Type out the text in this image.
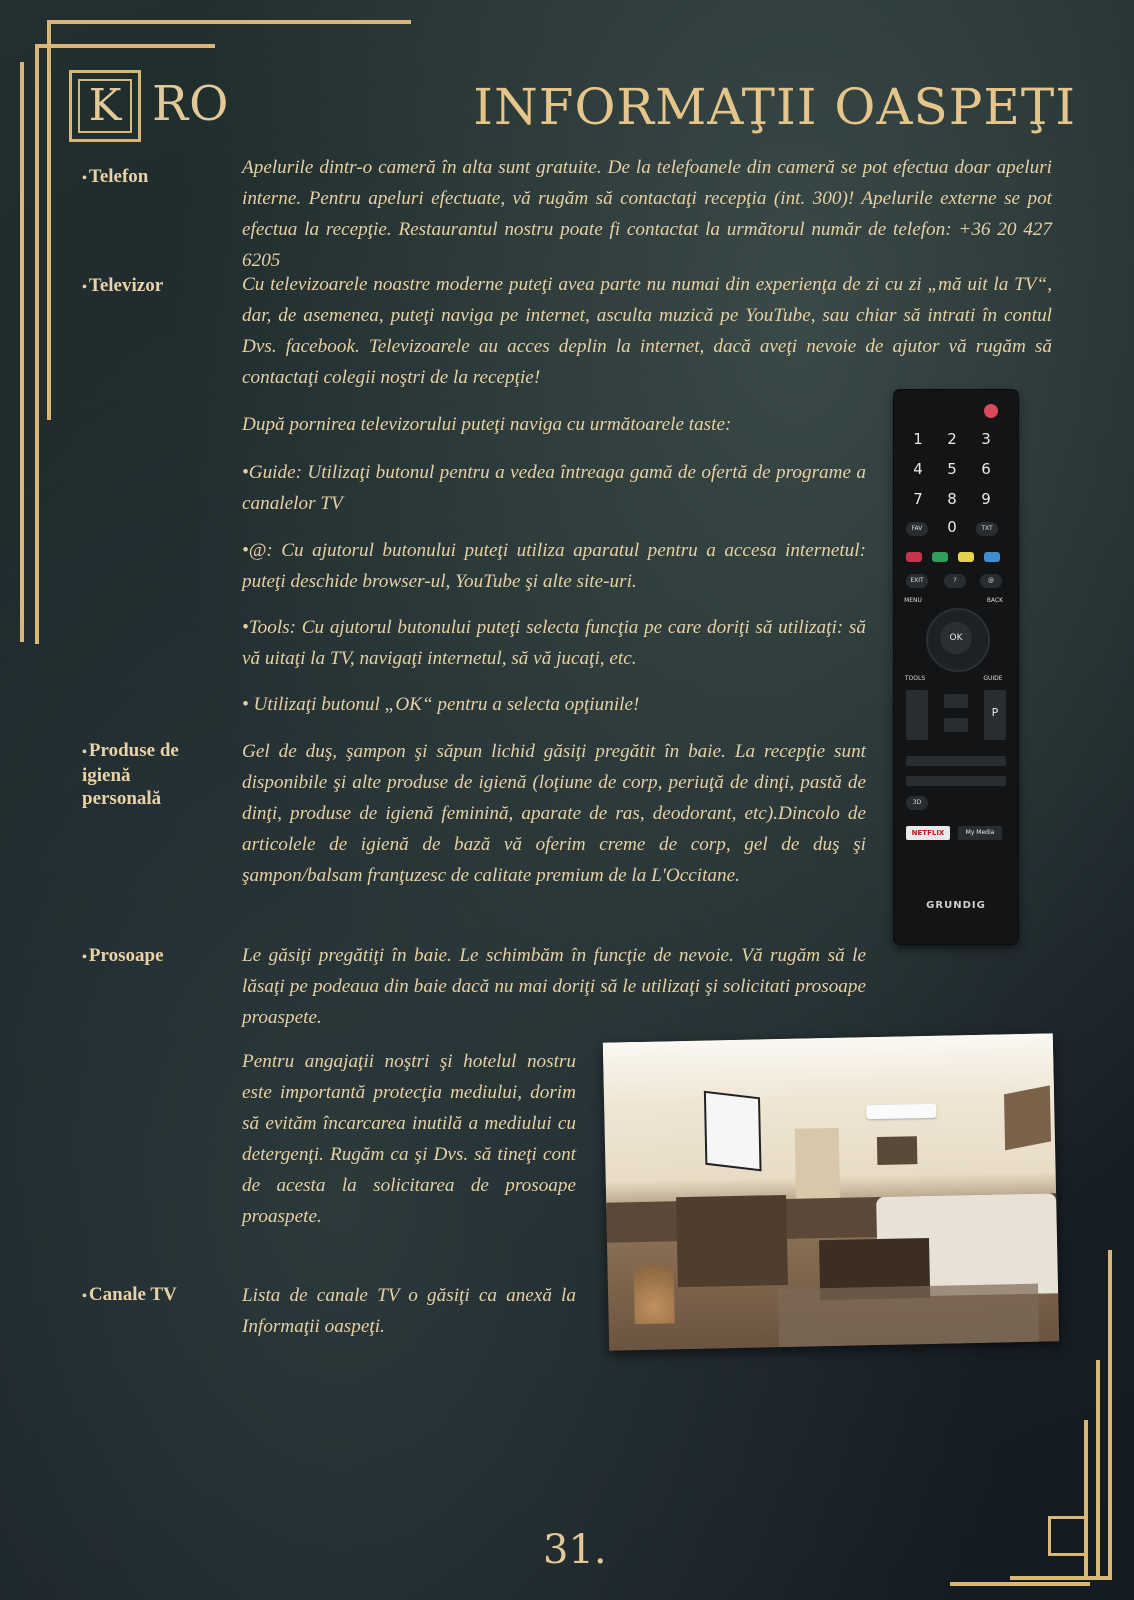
K RO	INFORMAŢII OASPEŢI
• Telefon
• Televizor
• Produse de igienă personală
• Prosoape
• Canale TV

Apelurile dintr-o cameră în alta sunt gratuite. De la telefoanele din cameră se pot efectua doar apeluri interne. Pentru apeluri efectuate, vă rugăm să contactaţi recepţia (int. 300)! Apelurile externe se pot efectua la recepţie. Restaurantul nostru poate fi contactat la următorul număr de telefon: +36 20 427 6205

Cu televizoarele noastre moderne puteţi avea parte nu numai din experienţa de zi cu zi „mă uit la TV“, dar, de asemenea, puteţi naviga pe internet, asculta muzică pe YouTube, sau chiar să intrati în contul Dvs. facebook. Televizoarele au acces deplin la internet, dacă aveţi nevoie de ajutor vă rugăm să contactaţi colegii noştri de la recepţie!

După pornirea televizorului puteţi naviga cu următoarele taste:

•Guide: Utilizaţi butonul pentru a vedea întreaga gamă de ofertă de programe a canalelor TV

•@: Cu ajutorul butonului puteţi utiliza aparatul pentru a accesa internetul: puteţi deschide browser-ul, YouTube şi alte site-uri.

•Tools: Cu ajutorul butonului puteţi selecta funcţia pe care doriţi să utilizaţi: să vă uitaţi la TV, navigaţi internetul, să vă jucaţi, etc.

• Utilizaţi butonul „OK“ pentru a selecta opţiunile!

Gel de duş, şampon şi săpun lichid găsiţi pregătit în baie. La recepţie sunt disponibile şi alte produse de igienă (loţiune de corp, periuţă de dinţi, pastă de dinţi, produse de igienă feminină, aparate de ras, deodorant, etc).Dincolo de articolele de igienă de bază vă oferim creme de corp, gel de duş şi şampon/balsam franţuzesc de calitate premium de la L'Occitane.

Le găsiţi pregătiţi în baie. Le schimbăm în funcţie de nevoie. Vă rugăm să le lăsaţi pe podeaua din baie dacă nu mai doriţi să le utilizaţi şi solicitati prosoape proaspete.

Pentru angajaţii noştri şi hotelul nostru este importantă protecţia mediului, dorim să evităm încarcarea inutilă a mediului cu detergenţi. Rugăm ca şi Dvs. să tineţi cont de acesta la solicitarea de prosoape proaspete.

Lista de canale TV o găsiţi ca anexă la Informaţii oaspeţi.

1	2	3
4	5	6
7	8	9
FAV	0	TXT
EXIT	?	@
MENU	BACK
OK
TOOLS	GUIDE
P
3D
NETFLIX	My Media
GRUNDIG
31.
